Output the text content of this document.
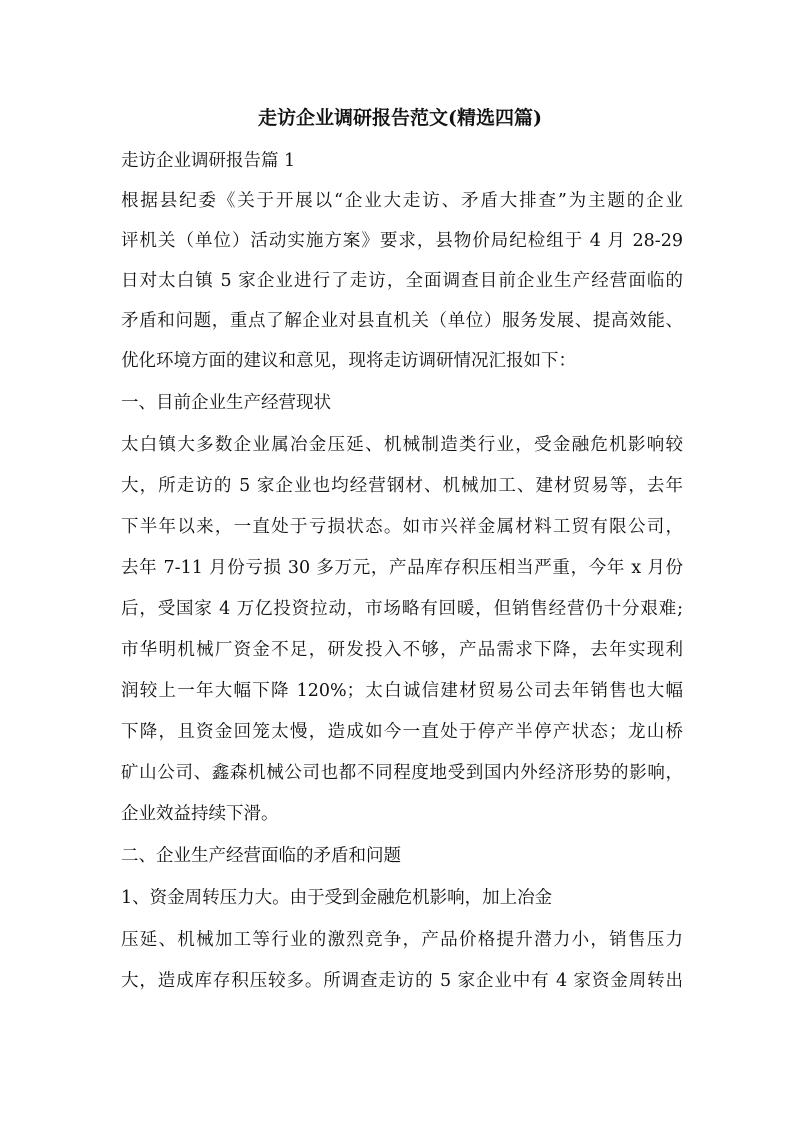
走访企业调研报告范文(精选四篇)
走访企业调研报告篇 1
根据县纪委《关于开展以“企业大走访、矛盾大排查”为主题的企业
评机关（单位）活动实施方案》要求，县物价局纪检组于 4 月 28-29
日对太白镇 5 家企业进行了走访，全面调查目前企业生产经营面临的
矛盾和问题，重点了解企业对县直机关（单位）服务发展、提高效能、
优化环境方面的建议和意见，现将走访调研情况汇报如下：
一、目前企业生产经营现状
太白镇大多数企业属冶金压延、机械制造类行业，受金融危机影响较
大，所走访的 5 家企业也均经营钢材、机械加工、建材贸易等，去年
下半年以来，一直处于亏损状态。如市兴祥金属材料工贸有限公司，
去年 7-11 月份亏损 30 多万元，产品库存积压相当严重，今年 x 月份
后，受国家 4 万亿投资拉动，市场略有回暖，但销售经营仍十分艰难;
市华明机械厂资金不足，研发投入不够，产品需求下降，去年实现利
润较上一年大幅下降 120%；太白诚信建材贸易公司去年销售也大幅
下降，且资金回笼太慢，造成如今一直处于停产半停产状态；龙山桥
矿山公司、鑫森机械公司也都不同程度地受到国内外经济形势的影响，
企业效益持续下滑。
二、企业生产经营面临的矛盾和问题
1、资金周转压力大。由于受到金融危机影响，加上冶金
压延、机械加工等行业的激烈竞争，产品价格提升潜力小，销售压力
大，造成库存积压较多。所调查走访的 5 家企业中有 4 家资金周转出
